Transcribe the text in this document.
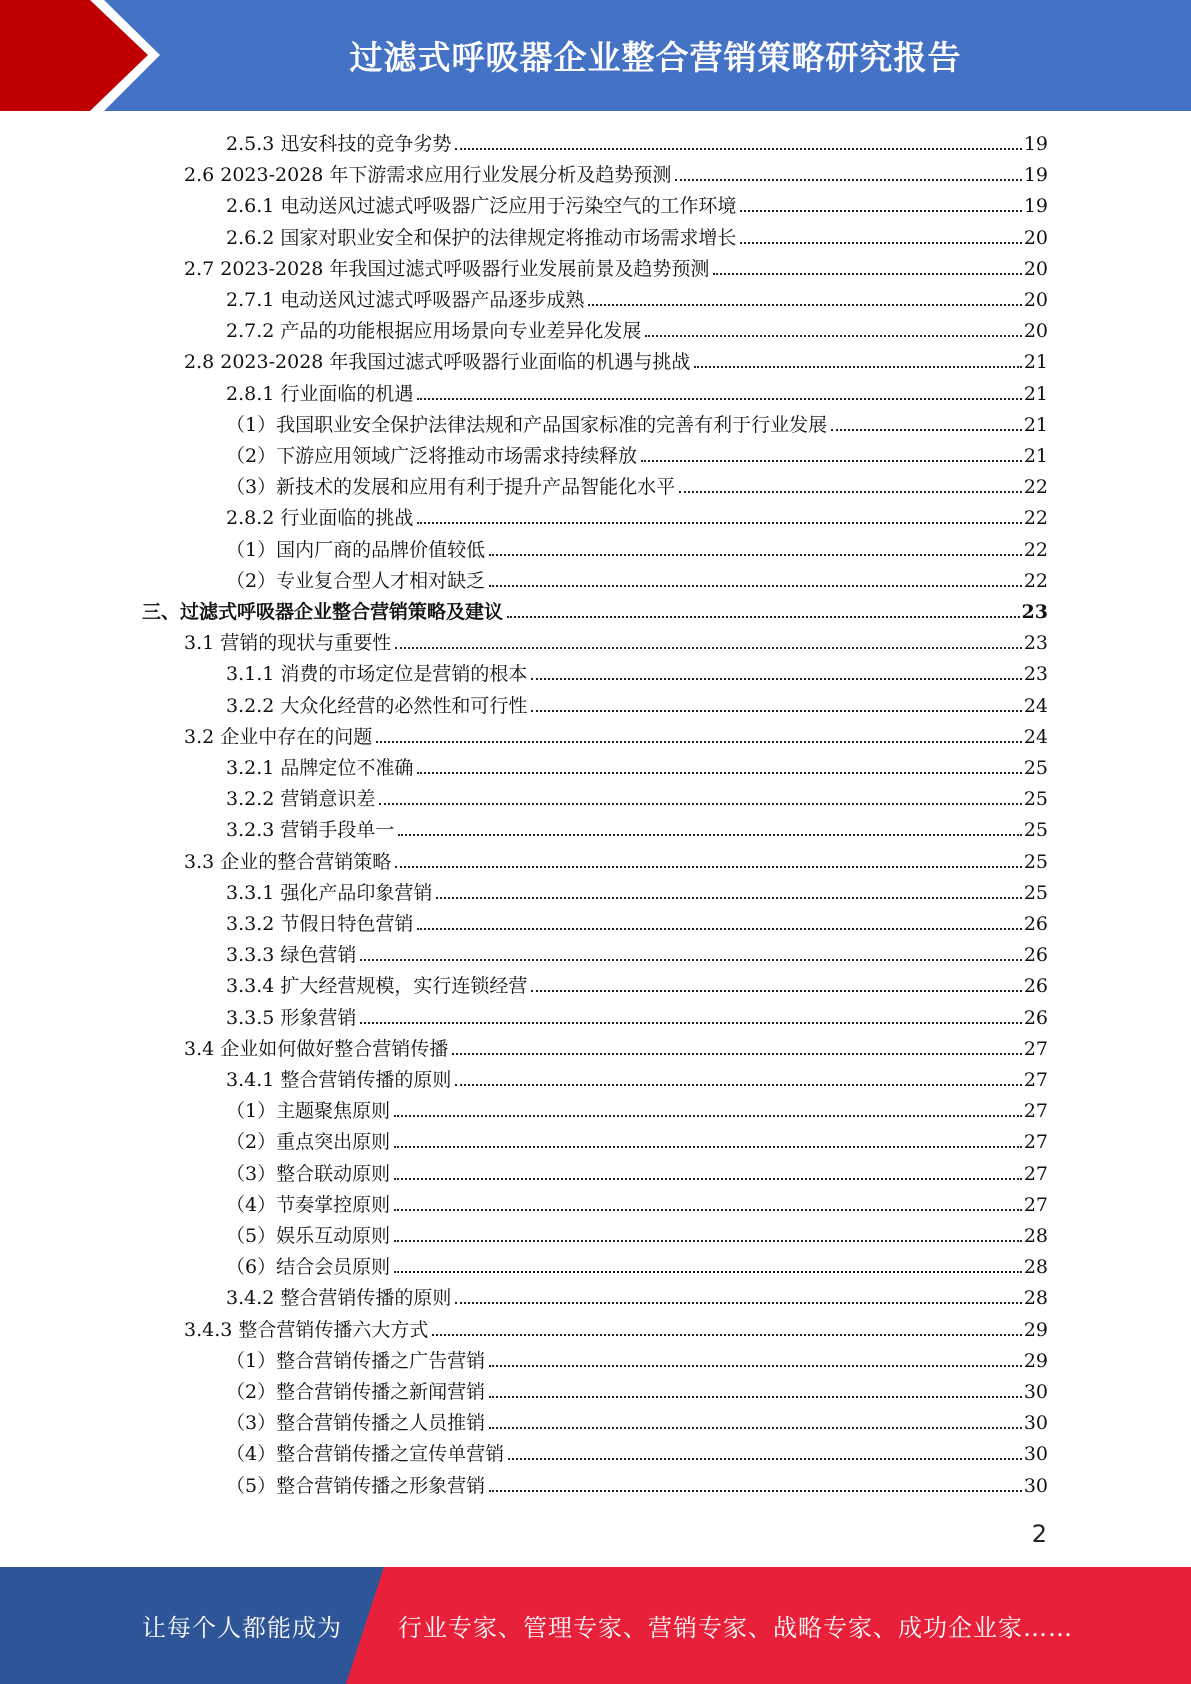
过滤式呼吸器企业整合营销策略研究报告
2.5.3 迅安科技的竞争劣势	19
2.6 2023-2028 年下游需求应用行业发展分析及趋势预测	19
2.6.1 电动送风过滤式呼吸器广泛应用于污染空气的工作环境	19
2.6.2 国家对职业安全和保护的法律规定将推动市场需求增长	20
2.7 2023-2028 年我国过滤式呼吸器行业发展前景及趋势预测	20
2.7.1 电动送风过滤式呼吸器产品逐步成熟	20
2.7.2 产品的功能根据应用场景向专业差异化发展	20
2.8 2023-2028 年我国过滤式呼吸器行业面临的机遇与挑战	21
2.8.1 行业面临的机遇	21
（1）我国职业安全保护法律法规和产品国家标准的完善有利于行业发展	21
（2）下游应用领域广泛将推动市场需求持续释放	21
（3）新技术的发展和应用有利于提升产品智能化水平	22
2.8.2 行业面临的挑战	22
（1）国内厂商的品牌价值较低	22
（2）专业复合型人才相对缺乏	22
三、过滤式呼吸器企业整合营销策略及建议	23
3.1 营销的现状与重要性	23
3.1.1 消费的市场定位是营销的根本	23
3.2.2 大众化经营的必然性和可行性	24
3.2 企业中存在的问题	24
3.2.1 品牌定位不准确	25
3.2.2 营销意识差	25
3.2.3 营销手段单一	25
3.3 企业的整合营销策略	25
3.3.1 强化产品印象营销	25
3.3.2 节假日特色营销	26
3.3.3 绿色营销	26
3.3.4 扩大经营规模，实行连锁经营	26
3.3.5 形象营销	26
3.4 企业如何做好整合营销传播	27
3.4.1 整合营销传播的原则	27
（1）主题聚焦原则	27
（2）重点突出原则	27
（3）整合联动原则	27
（4）节奏掌控原则	27
（5）娱乐互动原则	28
（6）结合会员原则	28
3.4.2 整合营销传播的原则	28
3.4.3 整合营销传播六大方式	29
（1）整合营销传播之广告营销	29
（2）整合营销传播之新闻营销	30
（3）整合营销传播之人员推销	30
（4）整合营销传播之宣传单营销	30
（5）整合营销传播之形象营销	30
2
让每个人都能成为 行业专家、管理专家、营销专家、战略专家、成功企业家……
